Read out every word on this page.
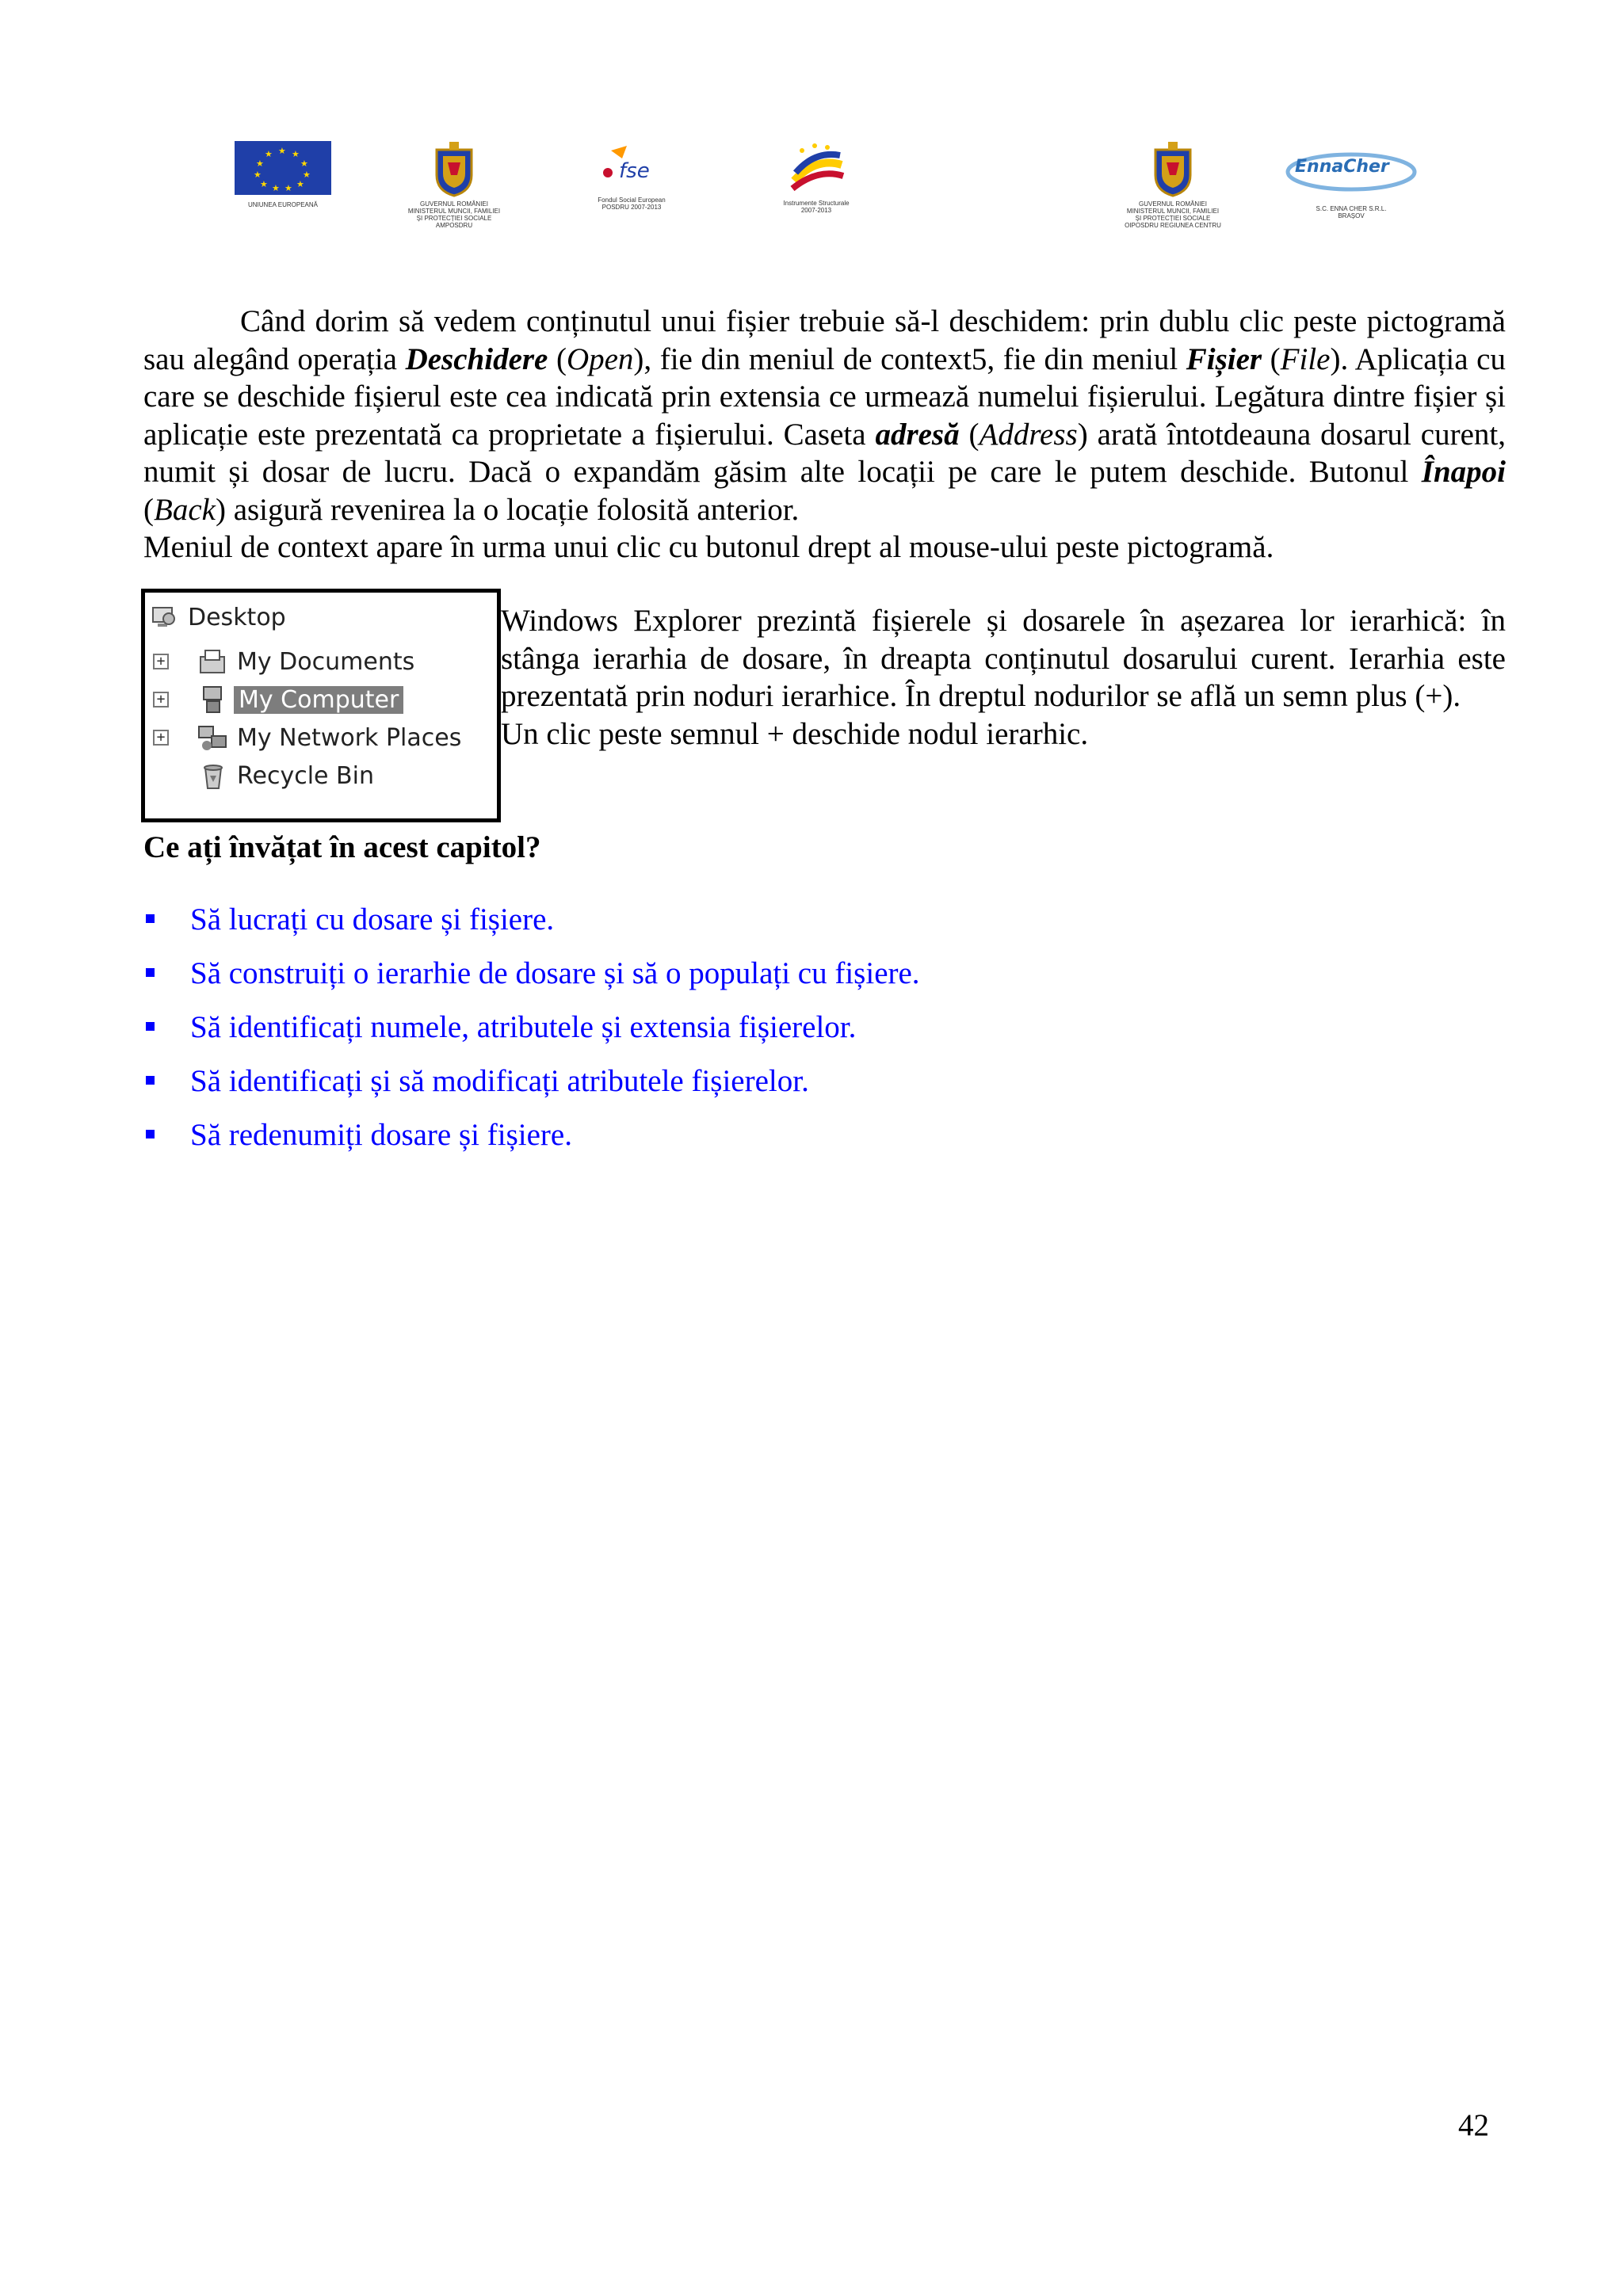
★ ★
★
★
★
★
★
★
★
★
★
UNIUNEA EUROPEANĂ	GUVERNUL ROMÂNIEI
MINISTERUL MUNCII, FAMILIEI
ȘI PROTECȚIEI SOCIALE
AMPOSDRU
fse
Fondul Social European
POSDRU 2007-2013
Instrumente Structurale
2007-2013
GUVERNUL ROMÂNIEI
MINISTERUL MUNCII, FAMILIEI
ȘI PROTECȚIEI SOCIALE
OIPOSDRU REGIUNEA CENTRU
EnnaCher
S.C. ENNA CHER S.R.L.
BRAȘOV

Când dorim să vedem conținutul unui fișier trebuie să-l deschidem: prin dublu clic peste pictogramă sau alegând operația Deschidere (Open), fie din meniul de context5, fie din meniul Fișier (File). Aplicația cu care se deschide fișierul este cea indicată prin extensia ce urmează numelui fișierului. Legătura dintre fișier și aplicație este prezentată ca proprietate a fișierului. Caseta adresă (Address) arată întotdeauna dosarul curent, numit și dosar de lucru. Dacă o expandăm găsim alte locații pe care le putem deschide. Butonul Înapoi (Back) asigură revenirea la o locație folosită anterior.

Meniul de context apare în urma unui clic cu butonul drept al mouse-ului peste pictogramă.

Desktop
+	My Documents
+	My Computer
+	My Network Places
Recycle Bin
Windows Explorer prezintă fișierele și dosarele în așezarea lor ierarhică: în stânga ierarhia de dosare, în dreapta conținutul dosarului curent. Ierarhia este prezentată prin noduri ierarhice. În dreptul nodurilor se află un semn plus (+).
Un clic peste semnul + deschide nodul ierarhic.
Ce ați învățat în acest capitol?
Să lucrați cu dosare și fișiere.
Să construiți o ierarhie de dosare și să o populați cu fișiere.
Să identificați numele, atributele și extensia fișierelor.
Să identificați și să modificați atributele fișierelor.
Să redenumiți dosare și fișiere.
42
